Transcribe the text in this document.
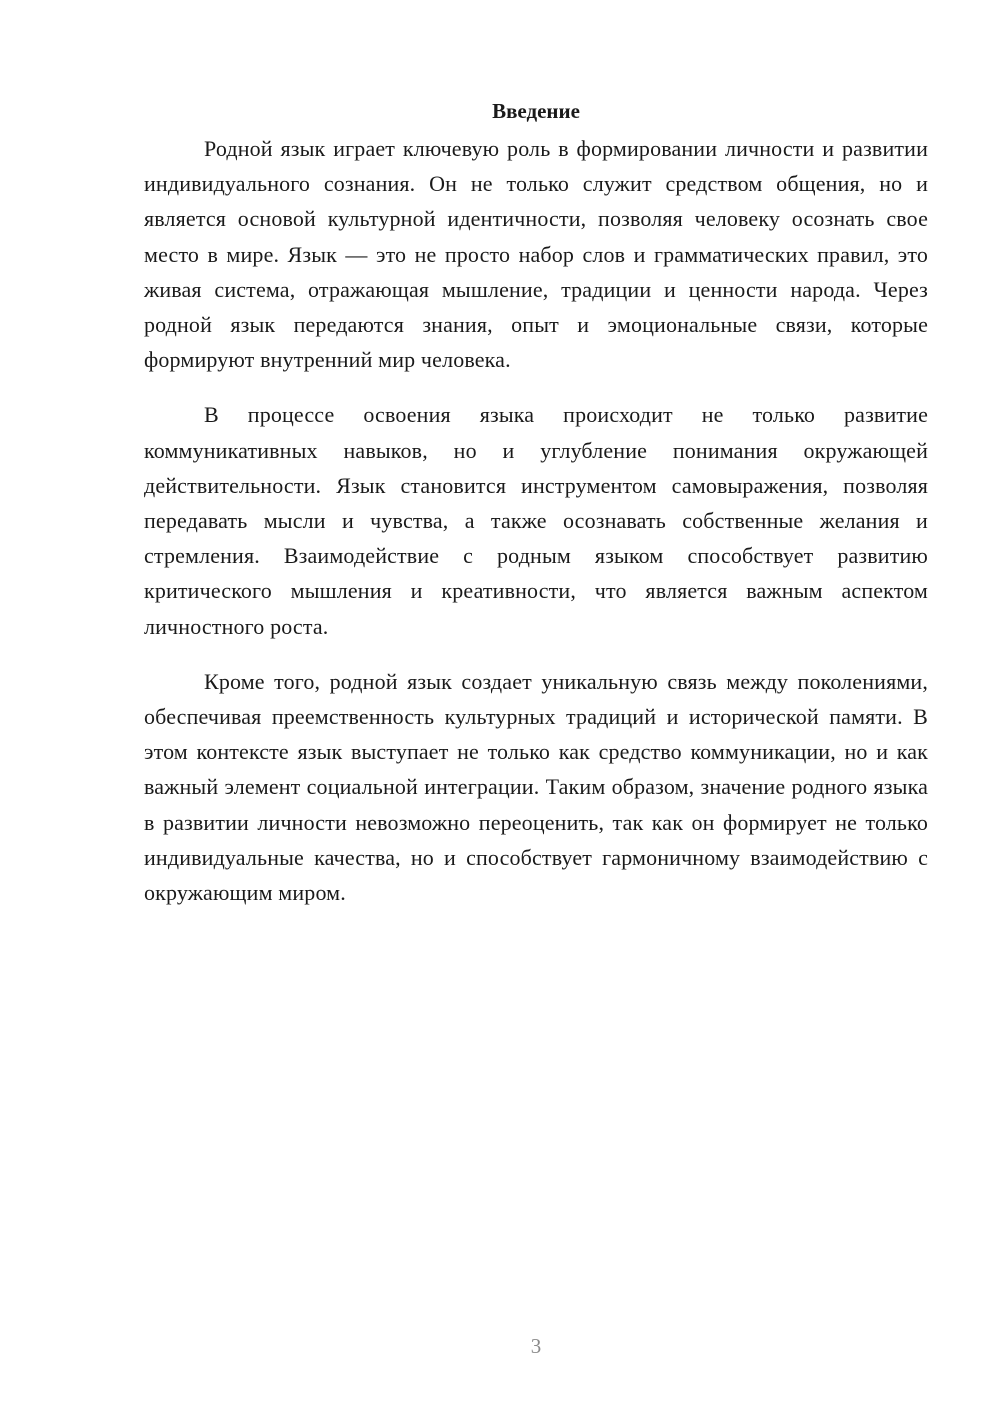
Введение

Родной язык играет ключевую роль в формировании личности и развитии индивидуального сознания. Он не только служит средством общения, но и является основой культурной идентичности, позволяя человеку осознать свое место в мире. Язык — это не просто набор слов и грамматических правил, это живая система, отражающая мышление, традиции и ценности народа. Через родной язык передаются знания, опыт и эмоциональные связи, которые формируют внутренний мир человека.

В процессе освоения языка происходит не только развитие коммуникативных навыков, но и углубление понимания окружающей действительности. Язык становится инструментом самовыражения, позволяя передавать мысли и чувства, а также осознавать собственные желания и стремления. Взаимодействие с родным языком способствует развитию критического мышления и креативности, что является важным аспектом личностного роста.

Кроме того, родной язык создает уникальную связь между поколениями, обеспечивая преемственность культурных традиций и исторической памяти. В этом контексте язык выступает не только как средство коммуникации, но и как важный элемент социальной интеграции. Таким образом, значение родного языка в развитии личности невозможно переоценить, так как он формирует не только индивидуальные качества, но и способствует гармоничному взаимодействию с окружающим миром.

3
